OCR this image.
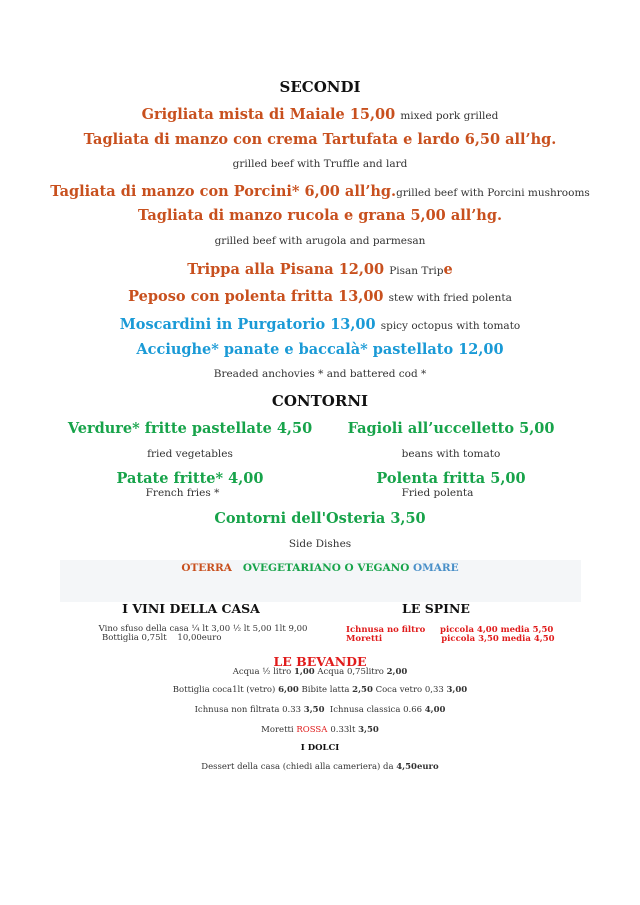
SECONDI
Grigliata mista di Maiale 15,00 mixed pork grilled
Tagliata di manzo con crema Tartufata e lardo 6,50 all’hg.
grilled beef with Truffle and lard
Tagliata di manzo con Porcini* 6,00 all’hg.grilled beef with Porcini mushrooms
Tagliata di manzo rucola e grana 5,00 all’hg.
grilled beef with arugola and parmesan
Trippa alla Pisana 12,00 Pisan Tripe
Peposo con polenta fritta 13,00 stew with fried polenta
Moscardini in Purgatorio 13,00 spicy octopus with tomato
Acciughe* panate e baccalà* pastellato 12,00
Breaded anchovies * and battered cod *
CONTORNI
Verdure* fritte pastellate 4,50	Fagioli all’uccelletto 5,00
fried vegetables	beans with tomato
Patate fritte* 4,00	Polenta fritta 5,00
French fries *	Fried polenta
Contorni dell'Osteria 3,50
Side Dishes
OTERRA OVEGETARIANO O VEGANO OMARE
I VINI DELLA CASA	LE SPINE
Vino sfuso della casa ¼ lt 3,00 ½ lt 5,00 1lt 9,00
Bottiglia 0,75lt    10,00euro
Ichnusa no filtro     piccola 4,00 media 5,50
Moretti                    piccola 3,50 media 4,50
LE BEVANDE
Acqua ½ litro 1,00 Acqua 0,75litro 2,00
Bottiglia coca1lt (vetro) 6,00 Bibite latta 2,50 Coca vetro 0,33 3,00
Ichnusa non filtrata 0.33 3,50 Ichnusa classica 0.66 4,00
Moretti ROSSA 0.33lt 3,50
I DOLCI
Dessert della casa (chiedi alla cameriera) da 4,50euro
